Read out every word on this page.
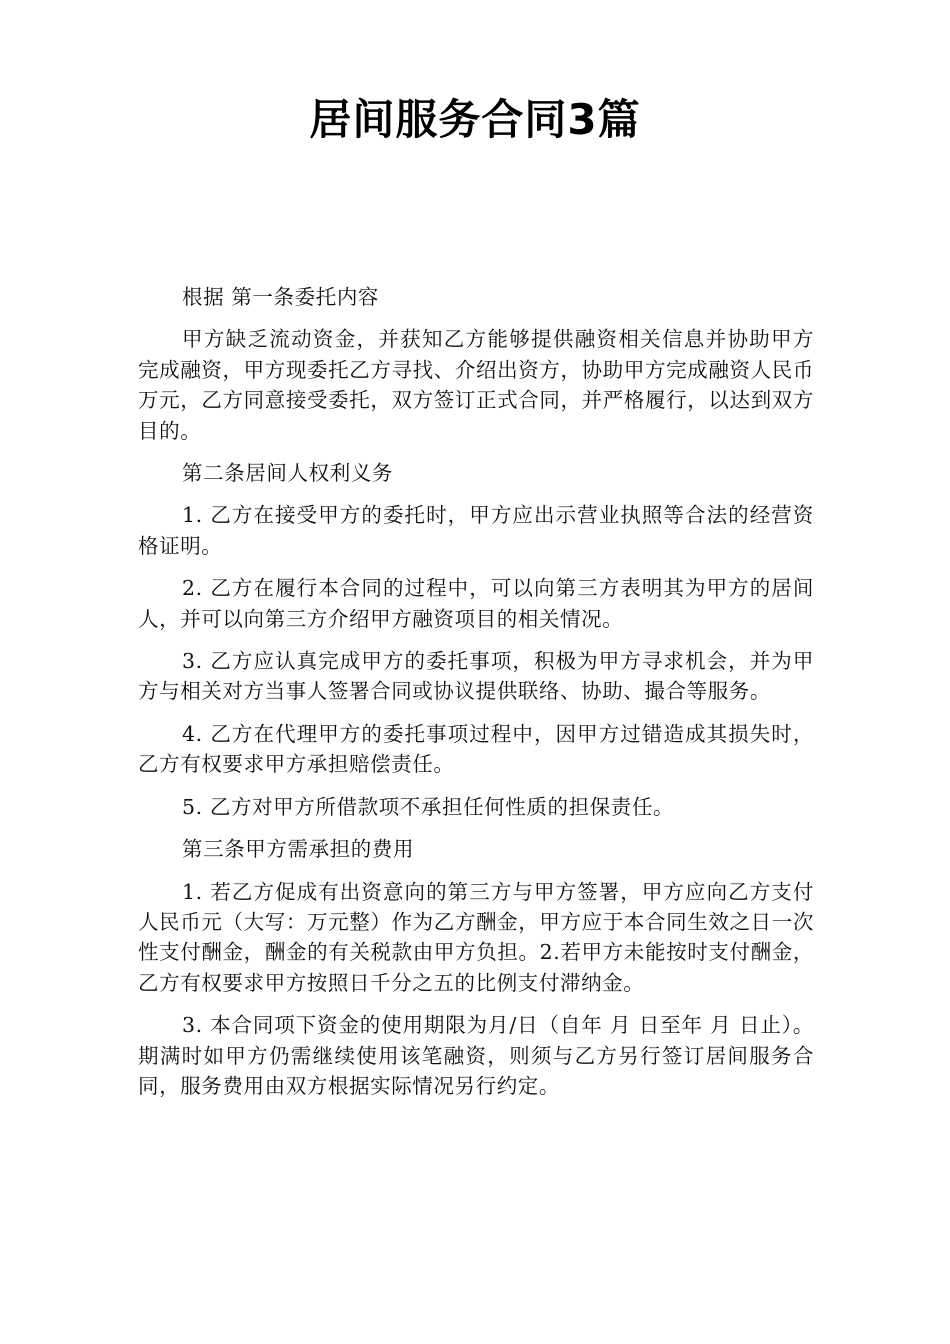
居间服务合同3篇

根据 第一条委托内容

甲方缺乏流动资金，并获知乙方能够提供融资相关信息并协助甲方完成融资，甲方现委托乙方寻找、介绍出资方，协助甲方完成融资人民币万元，乙方同意接受委托，双方签订正式合同，并严格履行，以达到双方目的。

第二条居间人权利义务

1. 乙方在接受甲方的委托时，甲方应出示营业执照等合法的经营资格证明。

2. 乙方在履行本合同的过程中，可以向第三方表明其为甲方的居间人，并可以向第三方介绍甲方融资项目的相关情况。

3. 乙方应认真完成甲方的委托事项，积极为甲方寻求机会，并为甲方与相关对方当事人签署合同或协议提供联络、协助、撮合等服务。

4. 乙方在代理甲方的委托事项过程中，因甲方过错造成其损失时，乙方有权要求甲方承担赔偿责任。

5. 乙方对甲方所借款项不承担任何性质的担保责任。

第三条甲方需承担的费用

1. 若乙方促成有出资意向的第三方与甲方签署，甲方应向乙方支付人民币元（大写：万元整）作为乙方酬金，甲方应于本合同生效之日一次性支付酬金，酬金的有关税款由甲方负担。2.若甲方未能按时支付酬金，乙方有权要求甲方按照日千分之五的比例支付滞纳金。

3. 本合同项下资金的使用期限为月/日（自年 月 日至年 月 日止）。期满时如甲方仍需继续使用该笔融资，则须与乙方另行签订居间服务合同，服务费用由双方根据实际情况另行约定。
